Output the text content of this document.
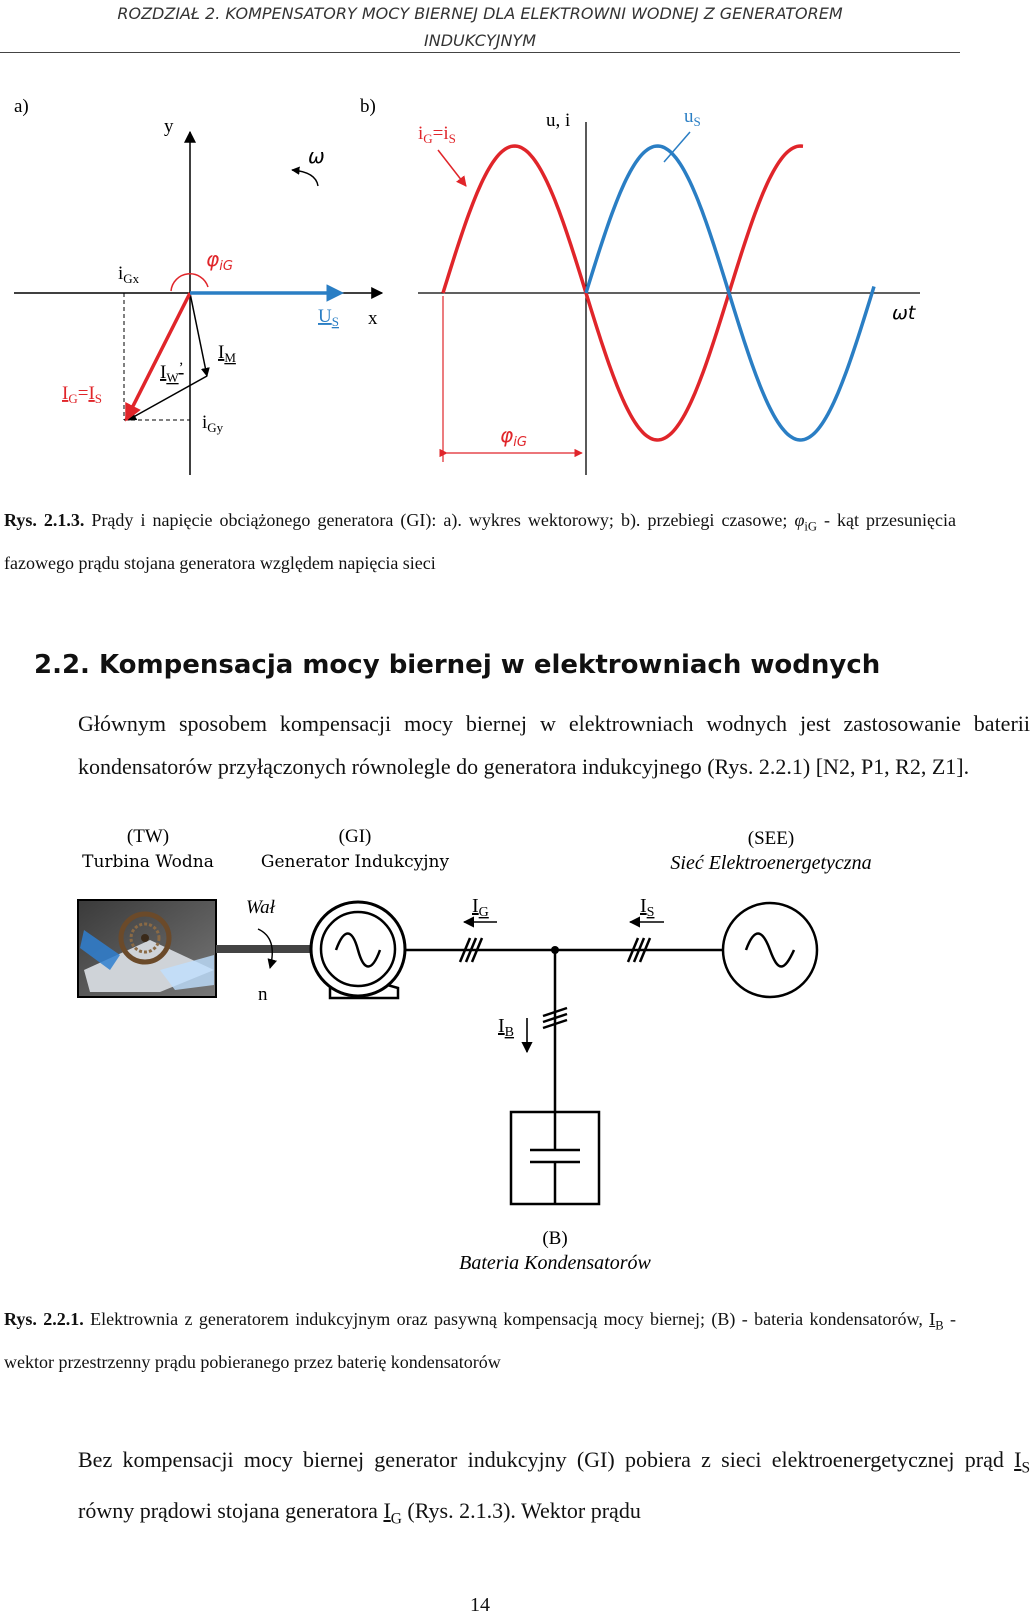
ROZDZIAŁ 2. KOMPENSATORY MOCY BIERNEJ DLA ELEKTROWNI WODNEJ Z GENERATOREM
INDUKCYJNYM
a)	b)
y
x
ω
$\varphi_{iG}$
$i_{Gx}$
$i_{Gy}$
$U_S$
$I_M$
$I_W^’$
$I_G=I_S$
u, i
ωt
$i_G=i_S$
$u_S$
$\varphi_{iG}$
Rys. 2.1.3. Prądy i napięcie obciążonego generatora (GI): a). wykres wektorowy; b). przebiegi czasowe; $\varphi_{iG}$ - kąt przesunięcia fazowego prądu stojana generatora względem napięcia sieci
2.2. Kompensacja mocy biernej w elektrowniach wodnych
Głównym sposobem kompensacji mocy biernej w elektrowniach wodnych jest zastosowanie baterii kondensatorów przyłączonych równolegle do generatora indukcyjnego (Rys. 2.2.1) [N2, P1, R2, Z1].
(TW)
Turbina Wodna
(GI)
Generator Indukcyjny
(SEE)
Sieć Elektroenergetyczna
Wał
n
$I_G$	$I_S$
$I_B$
(B)
Bateria Kondensatorów
Rys. 2.2.1. Elektrownia z generatorem indukcyjnym oraz pasywną kompensacją mocy biernej; (B) - bateria kondensatorów, $I_B$ - wektor przestrzenny prądu pobieranego przez baterię kondensatorów
Bez kompensacji mocy biernej generator indukcyjny (GI) pobiera z sieci elektroenergetycznej prąd $I_S$ równy prądowi stojana generatora $I_G$ (Rys. 2.1.3). Wektor prądu
14
